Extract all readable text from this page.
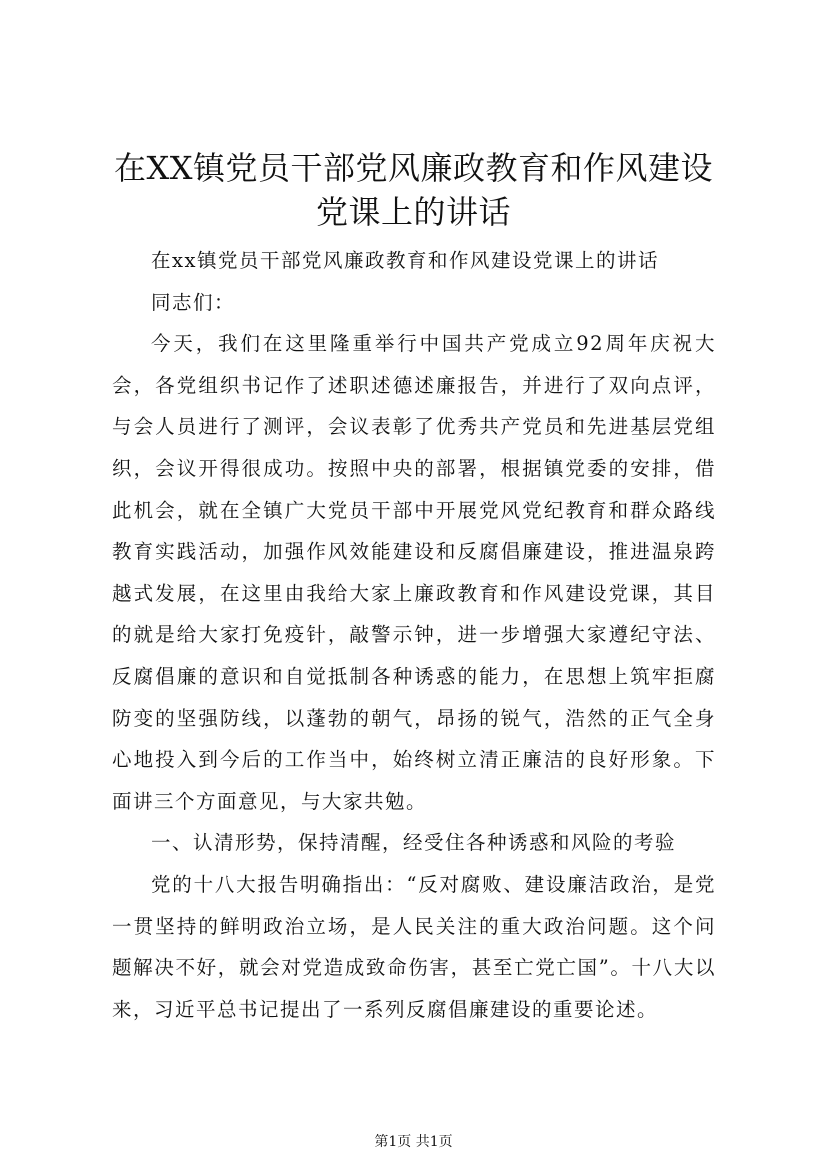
在XX镇党员干部党风廉政教育和作风建设党课上的讲话

在xx镇党员干部党风廉政教育和作风建设党课上的讲话

同志们：

今天，我们在这里隆重举行中国共产党成立92周年庆祝大会，各党组织书记作了述职述德述廉报告，并进行了双向点评，与会人员进行了测评，会议表彰了优秀共产党员和先进基层党组织，会议开得很成功。按照中央的部署，根据镇党委的安排，借此机会，就在全镇广大党员干部中开展党风党纪教育和群众路线教育实践活动，加强作风效能建设和反腐倡廉建设，推进温泉跨越式发展，在这里由我给大家上廉政教育和作风建设党课，其目的就是给大家打免疫针，敲警示钟，进一步增强大家遵纪守法、反腐倡廉的意识和自觉抵制各种诱惑的能力，在思想上筑牢拒腐防变的坚强防线，以蓬勃的朝气，昂扬的锐气，浩然的正气全身心地投入到今后的工作当中，始终树立清正廉洁的良好形象。下面讲三个方面意见，与大家共勉。

一、认清形势，保持清醒，经受住各种诱惑和风险的考验

党的十八大报告明确指出：“反对腐败、建设廉洁政治，是党一贯坚持的鲜明政治立场，是人民关注的重大政治问题。这个问题解决不好，就会对党造成致命伤害，甚至亡党亡国”。十八大以来，习近平总书记提出了一系列反腐倡廉建设的重要论述。

第1页 共1页
